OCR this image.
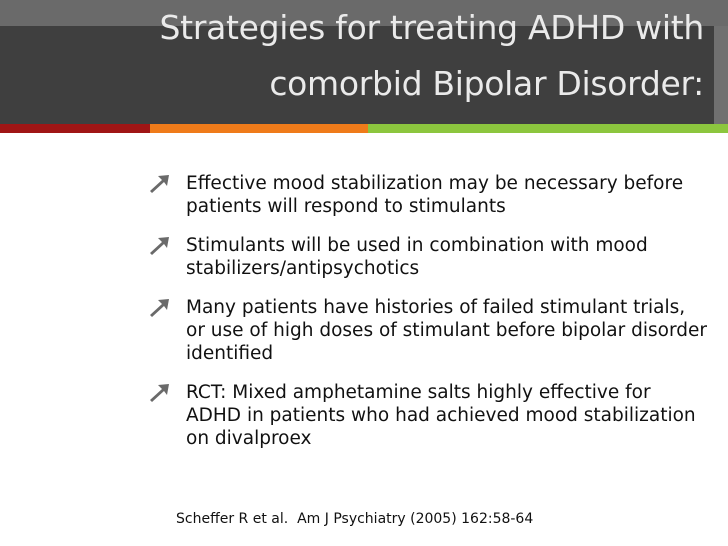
Strategies for treating ADHD with
comorbid Bipolar Disorder:
Effective mood stabilization may be necessary before patients will respond to stimulants
Stimulants will be used in combination with mood stabilizers/antipsychotics
Many patients have histories of failed stimulant trials, or use of high doses of stimulant before bipolar disorder identified
RCT: Mixed amphetamine salts highly effective for ADHD in patients who had achieved mood stabilization on divalproex
Scheffer R et al.  Am J Psychiatry (2005) 162:58-64
